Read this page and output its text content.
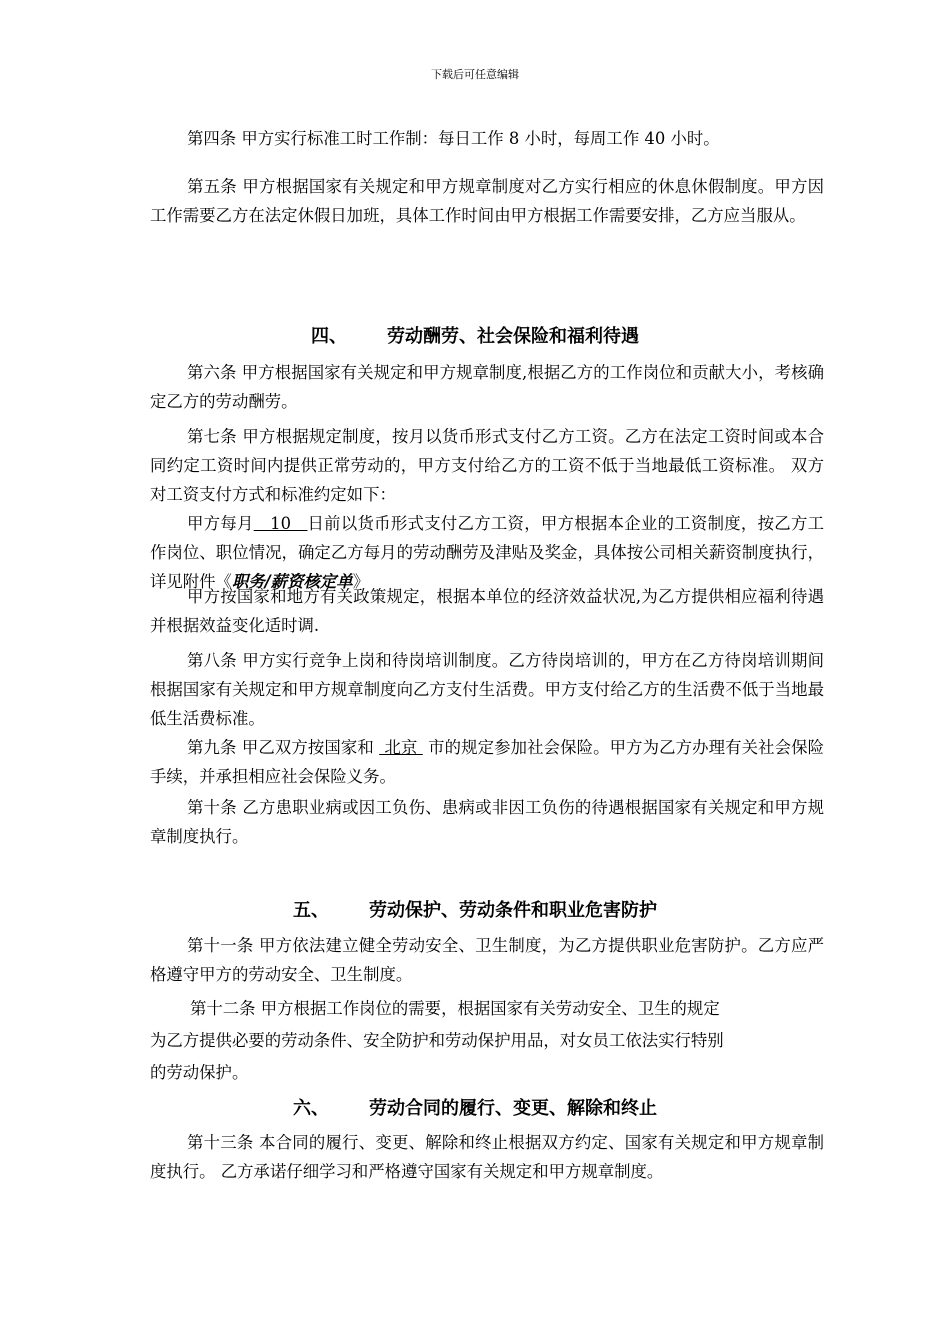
下载后可任意编辑

第四条 甲方实行标准工时工作制：每日工作 8 小时，每周工作 40 小时。

第五条 甲方根据国家有关规定和甲方规章制度对乙方实行相应的休息休假制度。甲方因工作需要乙方在法定休假日加班，具体工作时间由甲方根据工作需要安排，乙方应当服从。

四、 劳动酬劳、社会保险和福利待遇

第六条 甲方根据国家有关规定和甲方规章制度,根据乙方的工作岗位和贡献大小，考核确定乙方的劳动酬劳。

第七条 甲方根据规定制度，按月以货币形式支付乙方工资。乙方在法定工资时间或本合同约定工资时间内提供正常劳动的，甲方支付给乙方的工资不低于当地最低工资标准。 双方对工资支付方式和标准约定如下：

甲方每月   10   日前以货币形式支付乙方工资，甲方根据本企业的工资制度，按乙方工作岗位、职位情况，确定乙方每月的劳动酬劳及津贴及奖金，具体按公司相关薪资制度执行，详见附件《职务/薪资核定单》

甲方按国家和地方有关政策规定，根据本单位的经济效益状况,为乙方提供相应福利待遇并根据效益变化适时调.

第八条 甲方实行竞争上岗和待岗培训制度。乙方待岗培训的，甲方在乙方待岗培训期间根据国家有关规定和甲方规章制度向乙方支付生活费。甲方支付给乙方的生活费不低于当地最低生活费标准。

第九条 甲乙双方按国家和  北京  市的规定参加社会保险。甲方为乙方办理有关社会保险手续，并承担相应社会保险义务。

第十条 乙方患职业病或因工负伤、患病或非因工负伤的待遇根据国家有关规定和甲方规章制度执行。

五、 劳动保护、劳动条件和职业危害防护

第十一条 甲方依法建立健全劳动安全、卫生制度，为乙方提供职业危害防护。乙方应严格遵守甲方的劳动安全、卫生制度。

第十二条 甲方根据工作岗位的需要，根据国家有关劳动安全、卫生的规定
为乙方提供必要的劳动条件、安全防护和劳动保护用品，对女员工依法实行特别
的劳动保护。
六、 劳动合同的履行、变更、解除和终止

第十三条 本合同的履行、变更、解除和终止根据双方约定、国家有关规定和甲方规章制度执行。 乙方承诺仔细学习和严格遵守国家有关规定和甲方规章制度。
